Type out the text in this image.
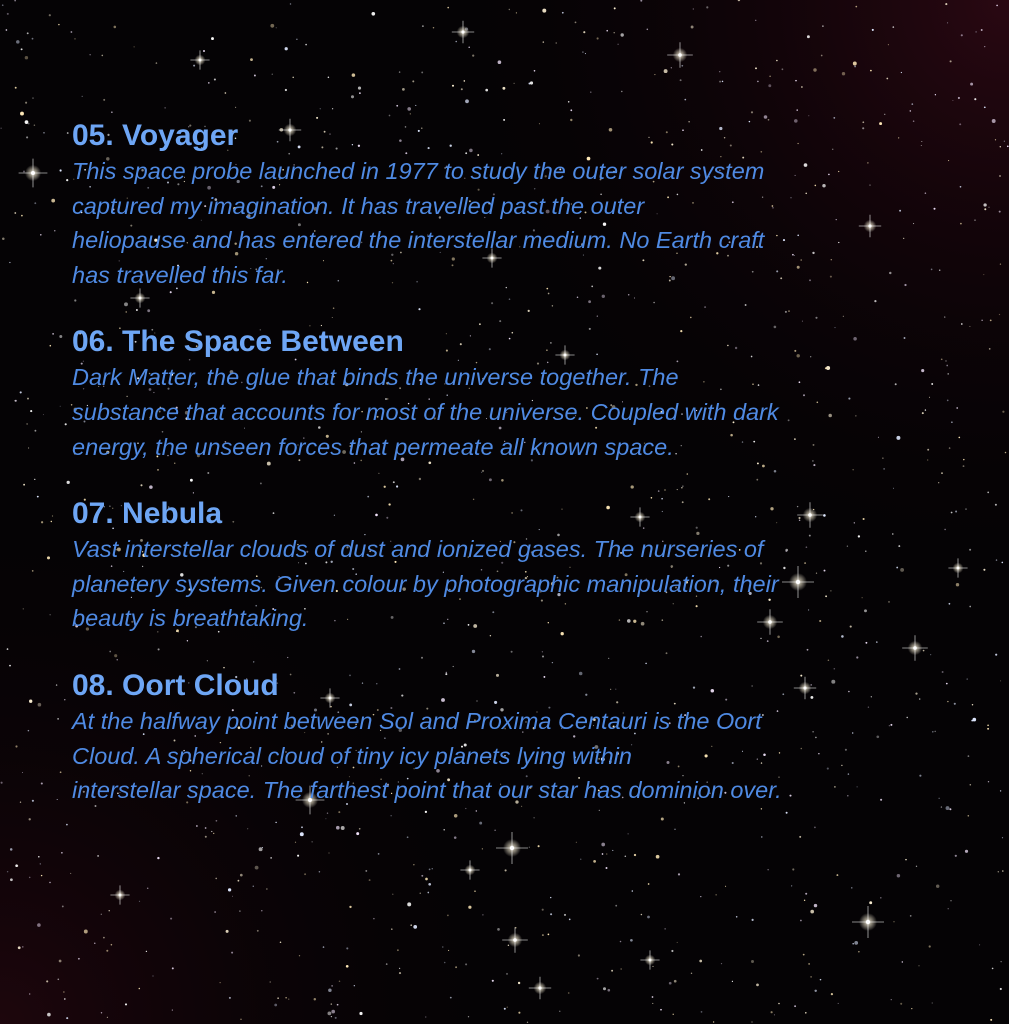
05. Voyager

This space probe launched in 1977 to study the outer solar system
captured my imagination. It has travelled past the outer
heliopause and has entered the interstellar medium. No Earth craft
has travelled this far.

06. The Space Between

Dark Matter, the glue that binds the universe together. The
substance that accounts for most of the universe. Coupled with dark
energy, the unseen forces that permeate all known space.

07. Nebula

Vast interstellar clouds of dust and ionized gases. The nurseries of
planetery systems. Given colour by photographic manipulation, their
beauty is breathtaking.

08. Oort Cloud

At the halfway point between Sol and Proxima Centauri is the Oort
Cloud. A spherical cloud of tiny icy planets lying within
interstellar space. The farthest point that our star has dominion over.
